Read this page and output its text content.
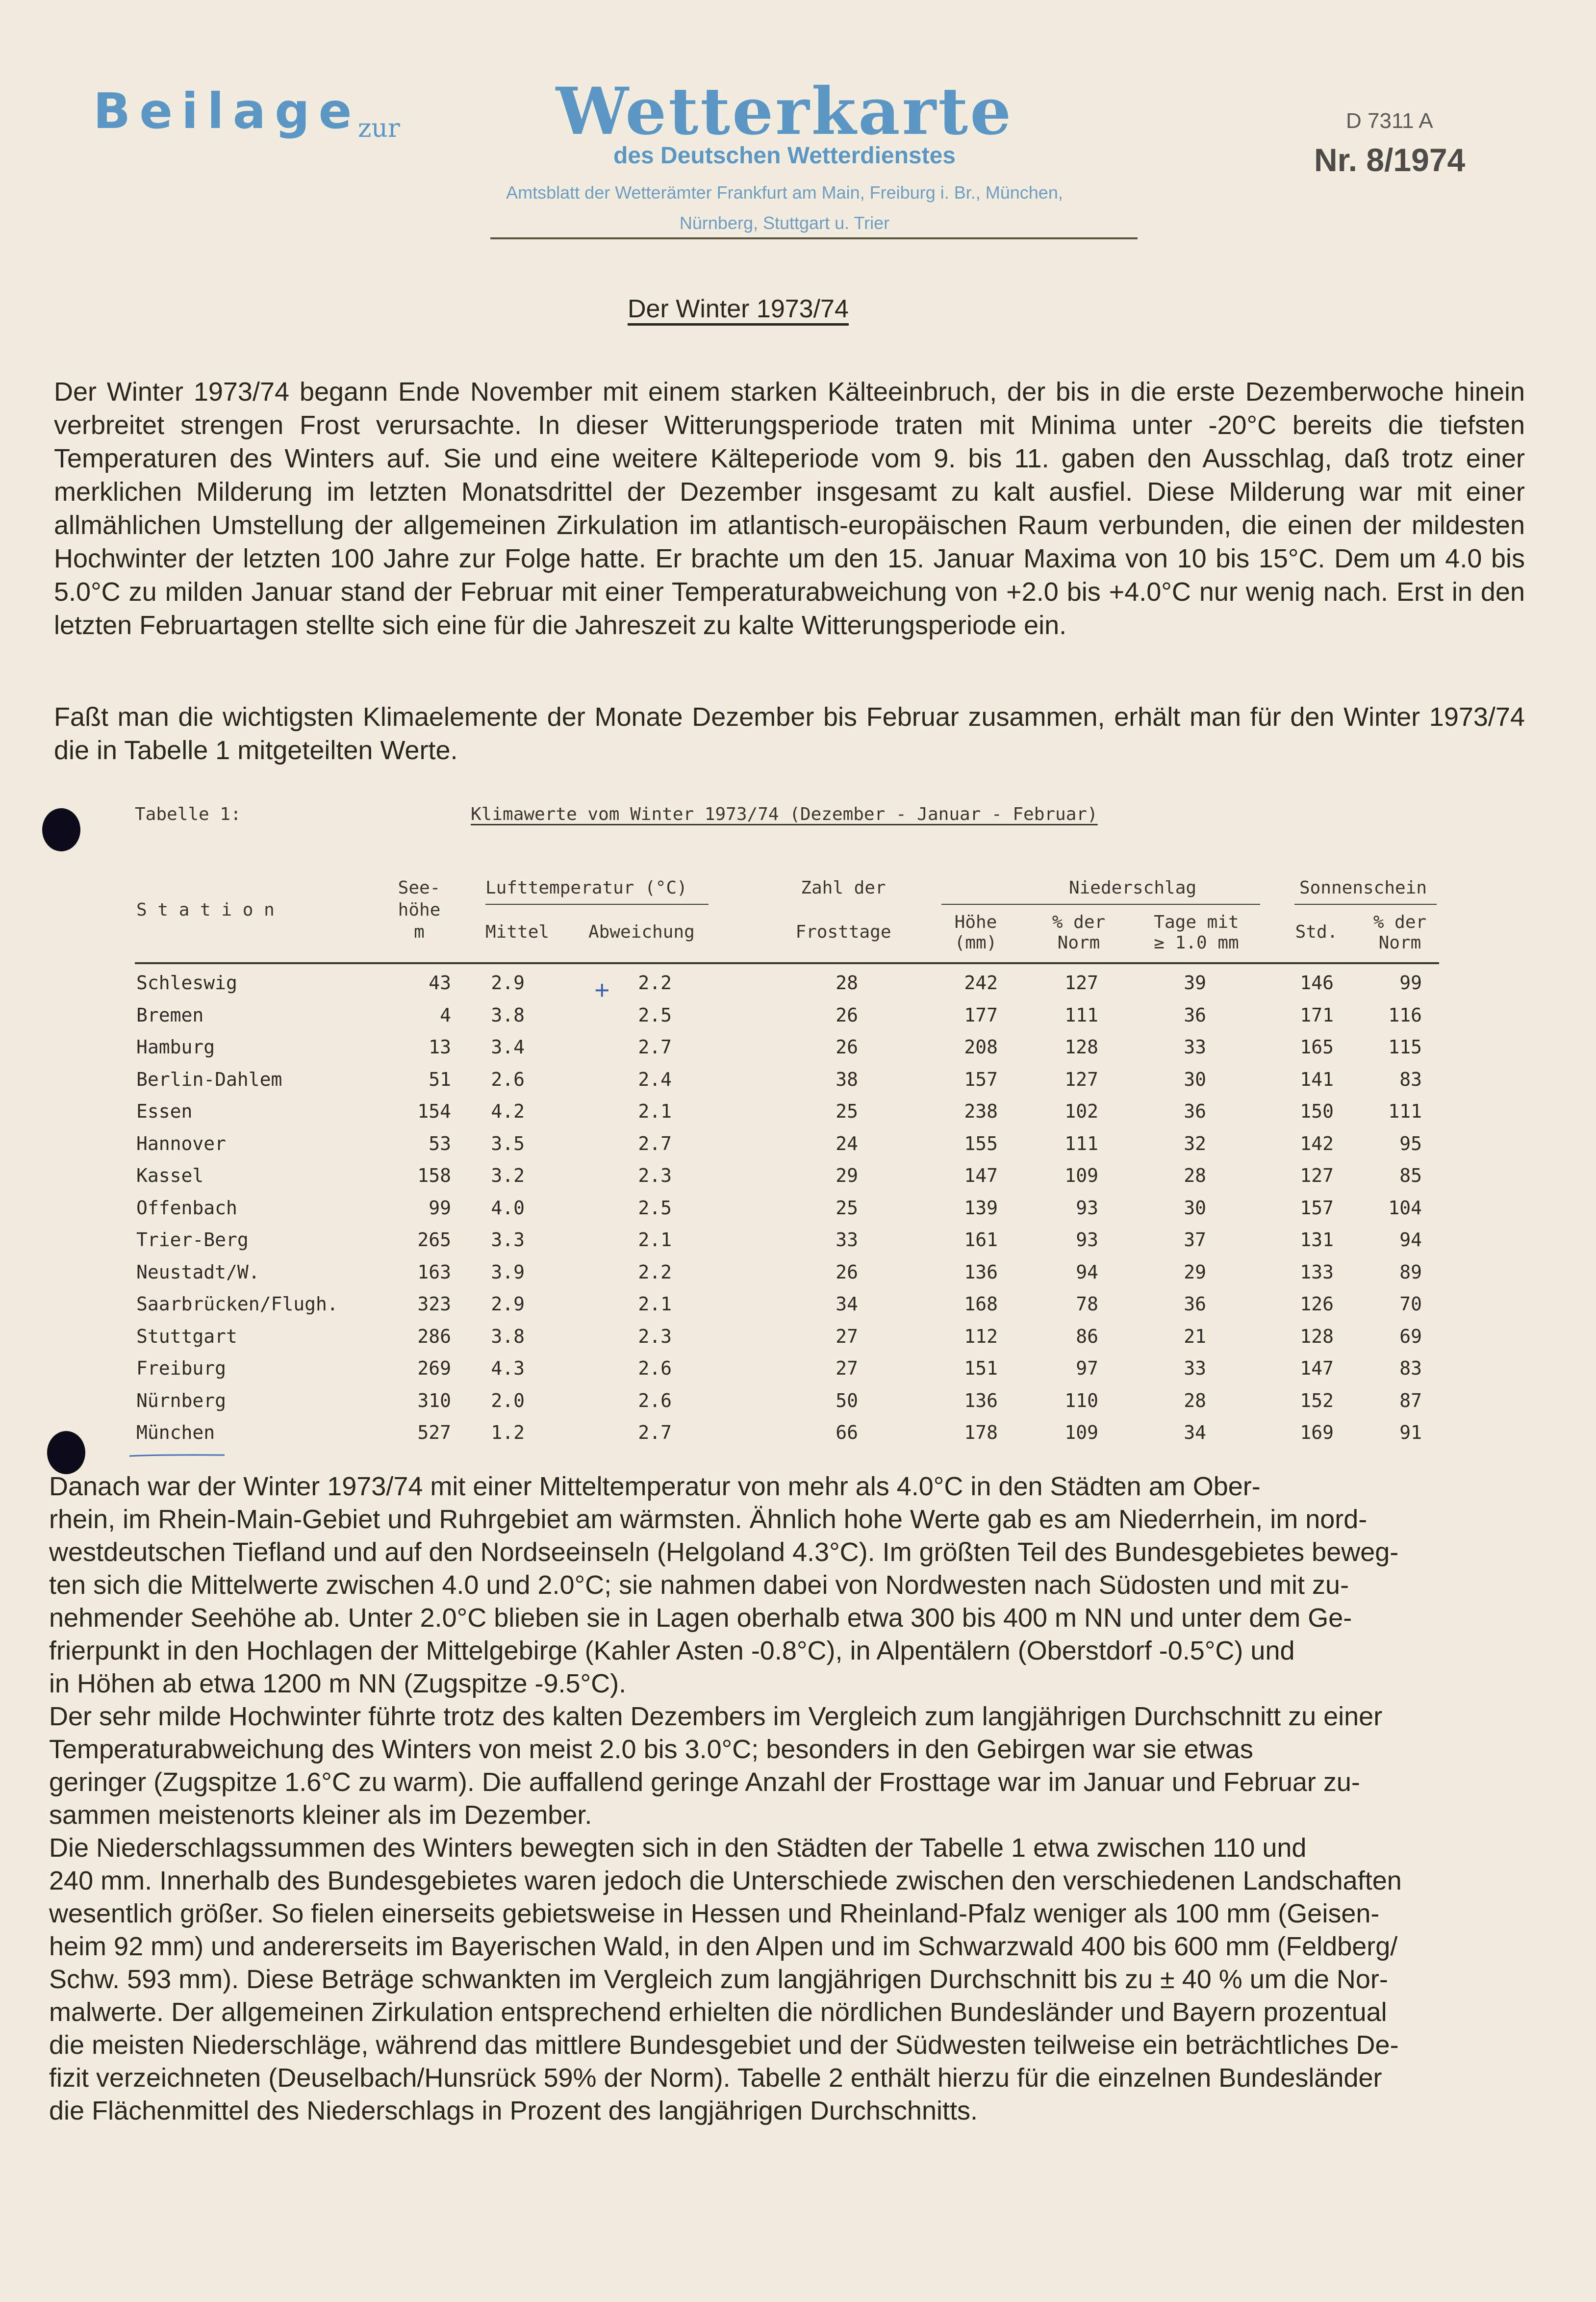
Beilage
zur Wetterkarte
des Deutschen Wetterdienstes
Amtsblatt der Wetterämter Frankfurt am Main, Freiburg i. Br., München,
Nürnberg, Stuttgart u. Trier
D 7311 A
Nr. 8/1974
Der Winter 1973/74
Der Winter 1973/74 begann Ende November mit einem starken Kälteeinbruch, der bis in die erste Dezemberwoche hinein verbreitet strengen Frost verursachte. In dieser Witterungsperiode traten mit Minima unter -20°C bereits die tiefsten Temperaturen des Winters auf. Sie und eine weitere Kälteperiode vom 9. bis 11. gaben den Ausschlag, daß trotz einer merklichen Milderung im letzten Monatsdrittel der Dezember insgesamt zu kalt ausfiel. Diese Milderung war mit einer allmählichen Umstellung der allgemeinen Zirkulation im atlantisch-europäischen Raum verbunden, die einen der mildesten Hochwinter der letzten 100 Jahre zur Folge hatte. Er brachte um den 15. Januar Maxima von 10 bis 15°C. Dem um 4.0 bis 5.0°C zu milden Januar stand der Februar mit einer Temperaturabweichung von +2.0 bis +4.0°C nur wenig nach. Erst in den letzten Februartagen stellte sich eine für die Jahreszeit zu kalte Witterungsperiode ein.
Faßt man die wichtigsten Klimaelemente der Monate Dezember bis Februar zusammen, erhält man für den Winter 1973/74 die in Tabelle 1 mitgeteilten Werte.
Tabelle 1:	Klimawerte vom Winter 1973/74 (Dezember - Januar - Februar)
S t a t i o n
See-
höhe
m
Lufttemperatur (°C)
Mittel Abweichung
Zahl der
Frosttage
Niederschlag
Höhe
(mm)
% der
Norm
Tage mit
≥ 1.0 mm
Sonnenschein
Std.	% der
Norm
Schleswig	43	2.9	2.2	28	242	127	39	146	99
Bremen	4	3.8	2.5	26	177	111	36	171	116
Hamburg	13	3.4	2.7	26	208	128	33	165	115
Berlin-Dahlem	51	2.6	2.4	38	157	127	30	141	83
Essen	154	4.2	2.1	25	238	102	36	150	111
Hannover	53	3.5	2.7	24	155	111	32	142	95
Kassel	158	3.2	2.3	29	147	109	28	127	85
Offenbach	99	4.0	2.5	25	139	93	30	157	104
Trier-Berg	265	3.3	2.1	33	161	93	37	131	94
Neustadt/W.	163	3.9	2.2	26	136	94	29	133	89
Saarbrücken/Flugh.	323	2.9	2.1	34	168	78	36	126	70
Stuttgart	286	3.8	2.3	27	112	86	21	128	69
Freiburg	269	4.3	2.6	27	151	97	33	147	83
Nürnberg	310	2.0	2.6	50	136	110	28	152	87
München	527	1.2	2.7	66	178	109	34	169	91
+
Danach war der Winter 1973/74 mit einer Mitteltemperatur von mehr als 4.0°C in den Städten am Ober-
rhein, im Rhein-Main-Gebiet und Ruhrgebiet am wärmsten. Ähnlich hohe Werte gab es am Niederrhein, im nord-
westdeutschen Tiefland und auf den Nordseeinseln (Helgoland 4.3°C). Im größten Teil des Bundesgebietes beweg-
ten sich die Mittelwerte zwischen 4.0 und 2.0°C; sie nahmen dabei von Nordwesten nach Südosten und mit zu-
nehmender Seehöhe ab. Unter 2.0°C blieben sie in Lagen oberhalb etwa 300 bis 400 m NN und unter dem Ge-
frierpunkt in den Hochlagen der Mittelgebirge (Kahler Asten -0.8°C), in Alpentälern (Oberstdorf -0.5°C) und
in Höhen ab etwa 1200 m NN (Zugspitze -9.5°C).
Der sehr milde Hochwinter führte trotz des kalten Dezembers im Vergleich zum langjährigen Durchschnitt zu einer
Temperaturabweichung des Winters von meist 2.0 bis 3.0°C; besonders in den Gebirgen war sie etwas
geringer (Zugspitze 1.6°C zu warm). Die auffallend geringe Anzahl der Frosttage war im Januar und Februar zu-
sammen meistenorts kleiner als im Dezember.
Die Niederschlagssummen des Winters bewegten sich in den Städten der Tabelle 1 etwa zwischen 110 und
240 mm. Innerhalb des Bundesgebietes waren jedoch die Unterschiede zwischen den verschiedenen Landschaften
wesentlich größer. So fielen einerseits gebietsweise in Hessen und Rheinland-Pfalz weniger als 100 mm (Geisen-
heim 92 mm) und andererseits im Bayerischen Wald, in den Alpen und im Schwarzwald 400 bis 600 mm (Feldberg/
Schw. 593 mm). Diese Beträge schwankten im Vergleich zum langjährigen Durchschnitt bis zu ± 40 % um die Nor-
malwerte. Der allgemeinen Zirkulation entsprechend erhielten die nördlichen Bundesländer und Bayern prozentual
die meisten Niederschläge, während das mittlere Bundesgebiet und der Südwesten teilweise ein beträchtliches De-
fizit verzeichneten (Deuselbach/Hunsrück 59% der Norm). Tabelle 2 enthält hierzu für die einzelnen Bundesländer
die Flächenmittel des Niederschlags in Prozent des langjährigen Durchschnitts.
